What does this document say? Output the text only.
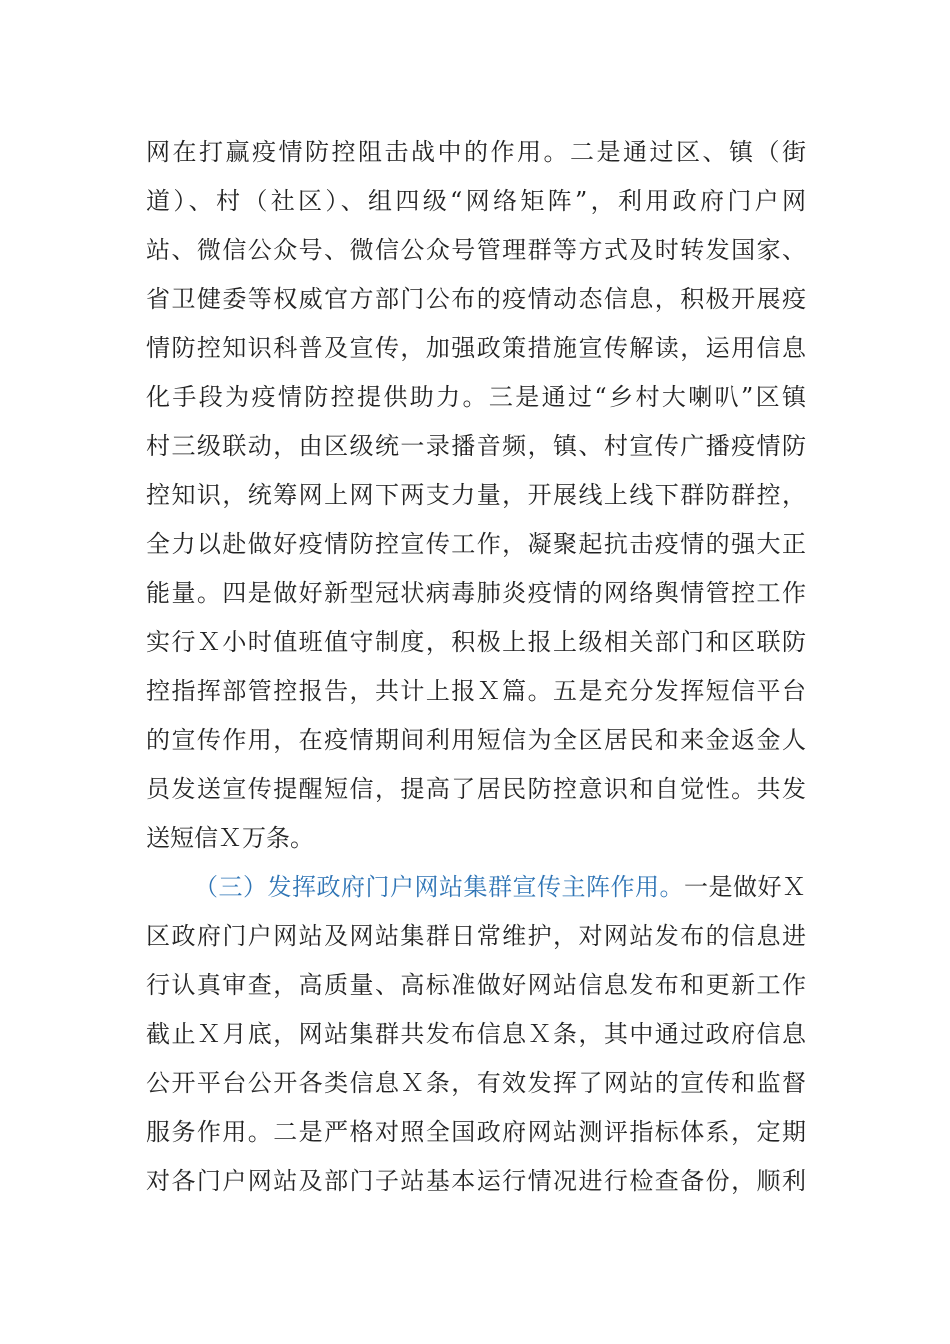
网在打赢疫情防控阻击战中的作用。二是通过区、镇（街
道）、村（社区）、组四级“网络矩阵”，利用政府门户网
站、微信公众号、微信公众号管理群等方式及时转发国家、
省卫健委等权威官方部门公布的疫情动态信息，积极开展疫
情防控知识科普及宣传，加强政策措施宣传解读，运用信息
化手段为疫情防控提供助力。三是通过“乡村大喇叭”区镇
村三级联动，由区级统一录播音频，镇、村宣传广播疫情防
控知识，统筹网上网下两支力量，开展线上线下群防群控，
全力以赴做好疫情防控宣传工作，凝聚起抗击疫情的强大正
能量。四是做好新型冠状病毒肺炎疫情的网络舆情管控工作
实行Ｘ小时值班值守制度，积极上报上级相关部门和区联防
控指挥部管控报告，共计上报Ｘ篇。五是充分发挥短信平台
的宣传作用，在疫情期间利用短信为全区居民和来金返金人
员发送宣传提醒短信，提高了居民防控意识和自觉性。共发
送短信Ｘ万条。
（三）发挥政府门户网站集群宣传主阵作用。一是做好Ｘ
区政府门户网站及网站集群日常维护，对网站发布的信息进
行认真审查，高质量、高标准做好网站信息发布和更新工作
截止Ｘ月底，网站集群共发布信息Ｘ条，其中通过政府信息
公开平台公开各类信息Ｘ条，有效发挥了网站的宣传和监督
服务作用。二是严格对照全国政府网站测评指标体系，定期
对各门户网站及部门子站基本运行情况进行检查备份，顺利
